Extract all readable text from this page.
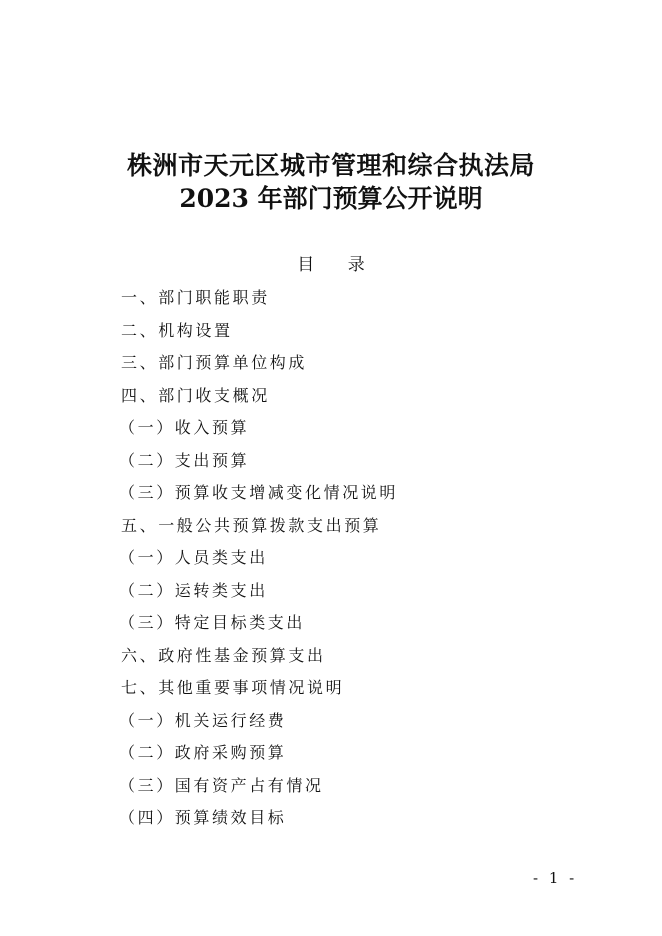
株洲市天元区城市管理和综合执法局
2023 年部门预算公开说明
目 录
一、部门职能职责
二、机构设置
三、部门预算单位构成
四、部门收支概况
（一）收入预算
（二）支出预算
（三）预算收支增减变化情况说明
五、一般公共预算拨款支出预算
（一）人员类支出
（二）运转类支出
（三）特定目标类支出
六、政府性基金预算支出
七、其他重要事项情况说明
（一）机关运行经费
（二）政府采购预算
（三）国有资产占有情况
（四）预算绩效目标
- 1 -
